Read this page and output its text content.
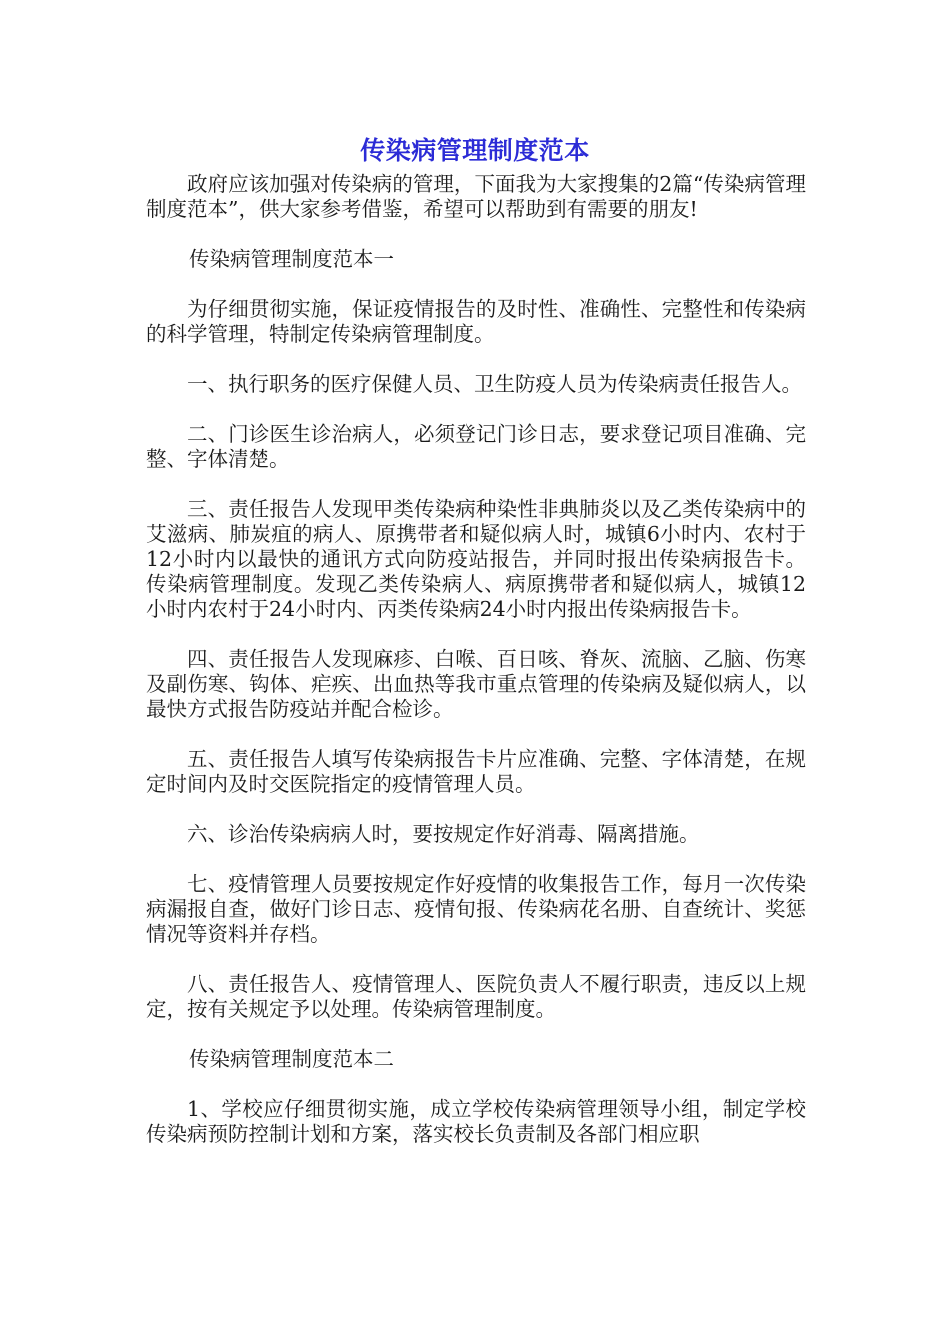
传染病管理制度范本

政府应该加强对传染病的管理，下面我为大家搜集的2篇“传染病管理制度范本”，供大家参考借鉴，希望可以帮助到有需要的朋友!

传染病管理制度范本一

为仔细贯彻实施，保证疫情报告的及时性、准确性、完整性和传染病的科学管理，特制定传染病管理制度。

一、执行职务的医疗保健人员、卫生防疫人员为传染病责任报告人。

二、门诊医生诊治病人，必须登记门诊日志，要求登记项目准确、完整、字体清楚。

三、责任报告人发现甲类传染病种染性非典肺炎以及乙类传染病中的艾滋病、肺炭疽的病人、原携带者和疑似病人时，城镇6小时内、农村于12小时内以最快的通讯方式向防疫站报告，并同时报出传染病报告卡。传染病管理制度。发现乙类传染病人、病原携带者和疑似病人，城镇12小时内农村于24小时内、丙类传染病24小时内报出传染病报告卡。

四、责任报告人发现麻疹、白喉、百日咳、脊灰、流脑、乙脑、伤寒及副伤寒、钩体、疟疾、出血热等我市重点管理的传染病及疑似病人，以最快方式报告防疫站并配合检诊。

五、责任报告人填写传染病报告卡片应准确、完整、字体清楚，在规定时间内及时交医院指定的疫情管理人员。

六、诊治传染病病人时，要按规定作好消毒、隔离措施。

七、疫情管理人员要按规定作好疫情的收集报告工作，每月一次传染病漏报自查，做好门诊日志、疫情旬报、传染病花名册、自查统计、奖惩情况等资料并存档。

八、责任报告人、疫情管理人、医院负责人不履行职责，违反以上规定，按有关规定予以处理。传染病管理制度。

传染病管理制度范本二

1、学校应仔细贯彻实施，成立学校传染病管理领导小组，制定学校传染病预防控制计划和方案，落实校长负责制及各部门相应职
